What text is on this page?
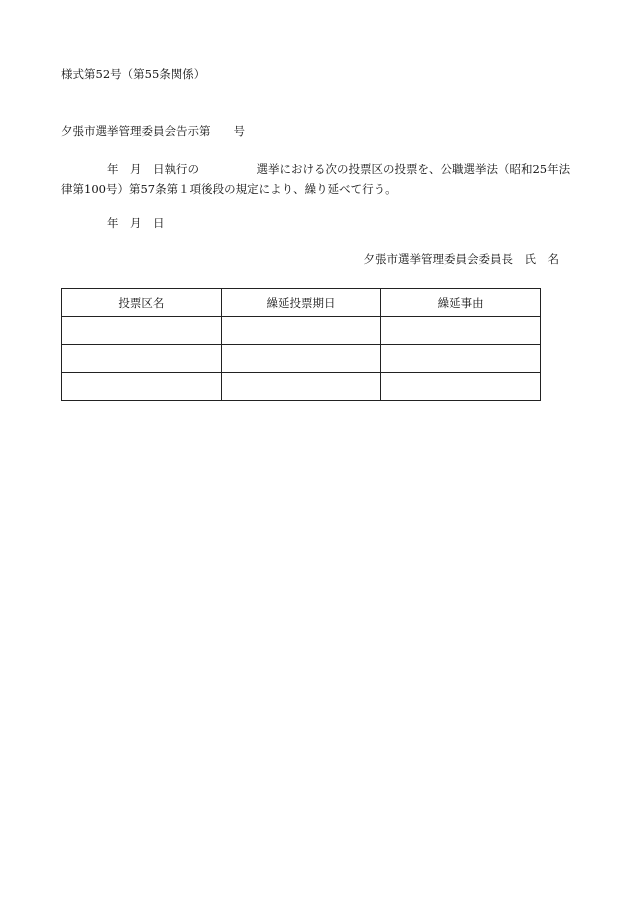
様式第52号（第55条関係）
夕張市選挙管理委員会告示第　　号
　　　　年　月　日執行の　　　　　選挙における次の投票区の投票を、公職選挙法（昭和25年法
律第100号）第57条第１項後段の規定により、繰り延べて行う。
　　　　年　月　日
夕張市選挙管理委員会委員長　氏　名
投票区名	繰延投票期日	繰延事由
